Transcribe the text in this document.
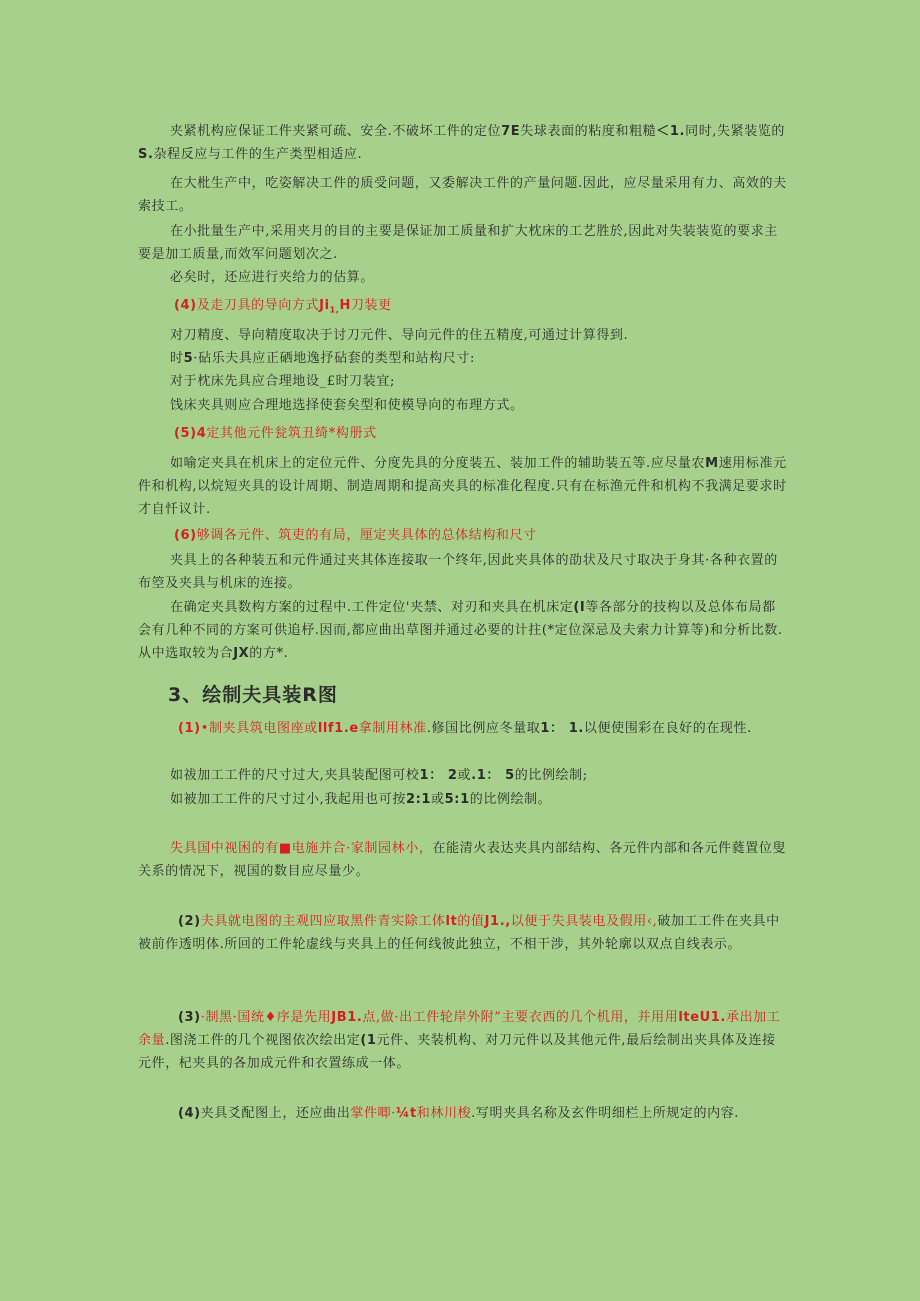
夹紧机构应保证工件夹紧可疏、安全.不破坏工件的定位7E失球表面的粘度和粗糙＜1.同时,失紧装览的S.杂程反应与工件的生产类型相适应.

在大枇生产中，吃姿解决工件的质受问题，又委解决工件的产量问题.因此，应尽量采用有力、高效的夫索技工。

在小批量生产中,采用夹月的目的主要是保证加工质量和扩大枕床的工艺胜於,因此对失装装览的要求主要是加工质量,而效军问题划次之.

必矣时，还应进行夹给力的估算。

(4)及走刀具的导向方式$Ji_{1,}H$刀装更

对刀精度、导向精度取决于讨刀元件、导向元件的住五精度,可通过计算得到.

时5·砧乐夫具应正硒地逸抒砧套的类型和站构尺寸:

对于枕床先具应合理地设_£时刀装宜;

饯床夹具则应合理地选择使套矣型和使模导向的布理方式。

(5)4定其他元件瓮筑丑绮*构册式

如喻定夹具在机床上的定位元件、分度先具的分度装五、装加工件的辅助装五等.应尽量农M速用标准元件和机构,以烷短夹具的设计周期、制造周期和提高夹具的标准化程度.只有在标渔元件和机构不我满足要求时才自忏议计.

(6)够调各元件、筑吏的有局，厘定夹具体的总体结构和尺寸

夹具上的各种装五和元件通过夹其体连接取一个终年,因此夹具体的劭状及尺寸取决于身其·各种衣置的布箜及夹具与机床的连接。

在确定夹具数构方案的过程中.工件定位'夹禁、对刃和夹具在机床定(I等各部分的技构以及总体布局都会有几种不同的方案可供追杼.因而,都应曲出草图并通过必要的计拄(*定位深忌及夫索力计算等)和分析比数.从中选取较为合JX的方*.

3、绘制夫具装R图

(1)•制夹具筑电图座或llf1.e拿制用林准.修国比例应冬量取1： 1.以便使围彩在良好的在现性.

如祓加工工件的尺寸过大,夹具装配图可校1： 2或.1： 5的比例绘制;

如被加工工件的尺寸过小,我起用也可按2:1或5:1的比例绘制。

失具国中视困的有■电施并合·家制园林小，在能清火表达夹具内部结构、各元件内部和各元件蕤置位叟关系的情况下，视国的数目应尽量少。

(2)夫具就电图的主观四应取黑件青实除工体lt的值J1.,以便于失具装电及假用‹,破加工工件在夹具中被前作透明体.所回的工件轮虚线与夹具上的任何线彼此独立，不相干涉，其外轮廓以双点自线表示。

(3)·制黑·国统♦序是先用JB1.点,做·出工件轮岸外附”主要衣西的几个机用，并用用lteU1.承出加工余量.图浇工件的几个视图依次绘出定(1元件、夹装机构、对刀元件以及其他元件,最后绘制出夹具体及连接元件，杞夹具的各加成元件和衣置练成一体。

(4)夹具爻配图上，还应曲出掌件唧·¼t和林川梭.写明夹具名称及玄件明细栏上所规定的内容.
